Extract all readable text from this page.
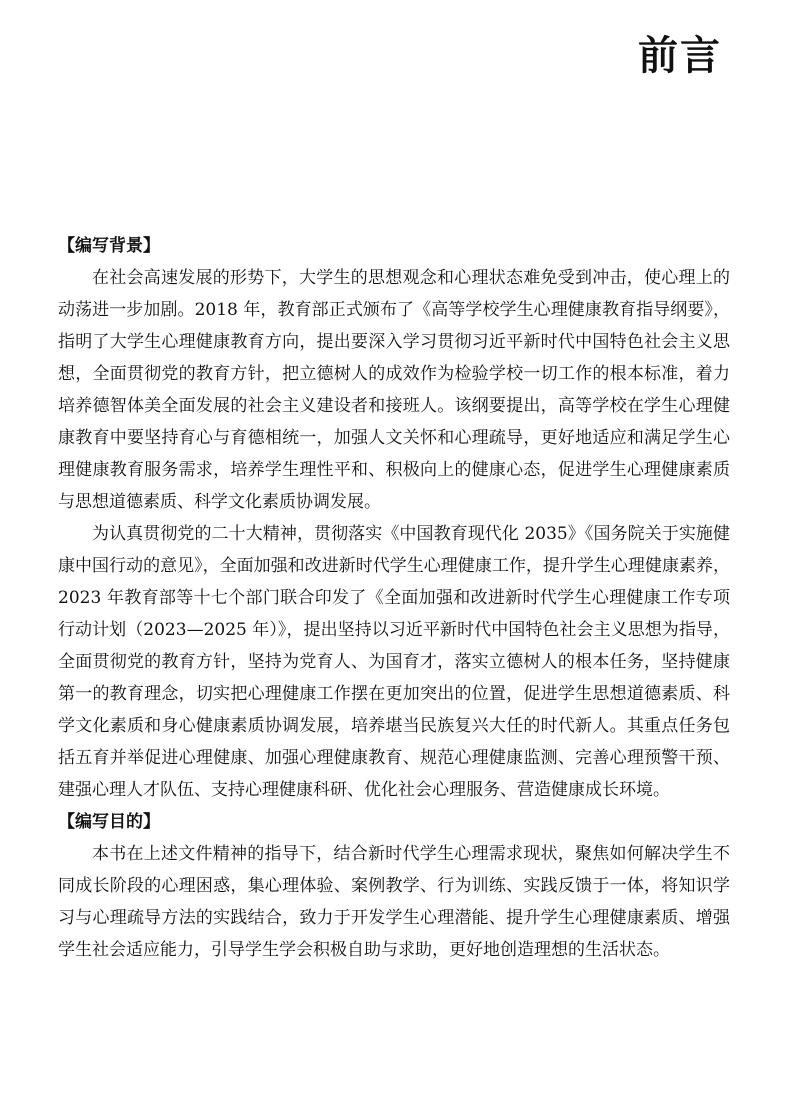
前言
【编写背景】

在社会高速发展的形势下，大学生的思想观念和心理状态难免受到冲击，使心理上的动荡进一步加剧。2018 年，教育部正式颁布了《高等学校学生心理健康教育指导纲要》，指明了大学生心理健康教育方向，提出要深入学习贯彻习近平新时代中国特色社会主义思想，全面贯彻党的教育方针，把立德树人的成效作为检验学校一切工作的根本标准，着力培养德智体美全面发展的社会主义建设者和接班人。该纲要提出，高等学校在学生心理健康教育中要坚持育心与育德相统一，加强人文关怀和心理疏导，更好地适应和满足学生心理健康教育服务需求，培养学生理性平和、积极向上的健康心态，促进学生心理健康素质与思想道德素质、科学文化素质协调发展。

为认真贯彻党的二十大精神，贯彻落实《中国教育现代化 2035》《国务院关于实施健康中国行动的意见》，全面加强和改进新时代学生心理健康工作，提升学生心理健康素养，2023 年教育部等十七个部门联合印发了《全面加强和改进新时代学生心理健康工作专项行动计划（2023—2025 年）》，提出坚持以习近平新时代中国特色社会主义思想为指导，全面贯彻党的教育方针，坚持为党育人、为国育才，落实立德树人的根本任务，坚持健康第一的教育理念，切实把心理健康工作摆在更加突出的位置，促进学生思想道德素质、科学文化素质和身心健康素质协调发展，培养堪当民族复兴大任的时代新人。其重点任务包括五育并举促进心理健康、加强心理健康教育、规范心理健康监测、完善心理预警干预、建强心理人才队伍、支持心理健康科研、优化社会心理服务、营造健康成长环境。

【编写目的】

本书在上述文件精神的指导下，结合新时代学生心理需求现状，聚焦如何解决学生不同成长阶段的心理困惑，集心理体验、案例教学、行为训练、实践反馈于一体，将知识学习与心理疏导方法的实践结合，致力于开发学生心理潜能、提升学生心理健康素质、增强学生社会适应能力，引导学生学会积极自助与求助，更好地创造理想的生活状态。
